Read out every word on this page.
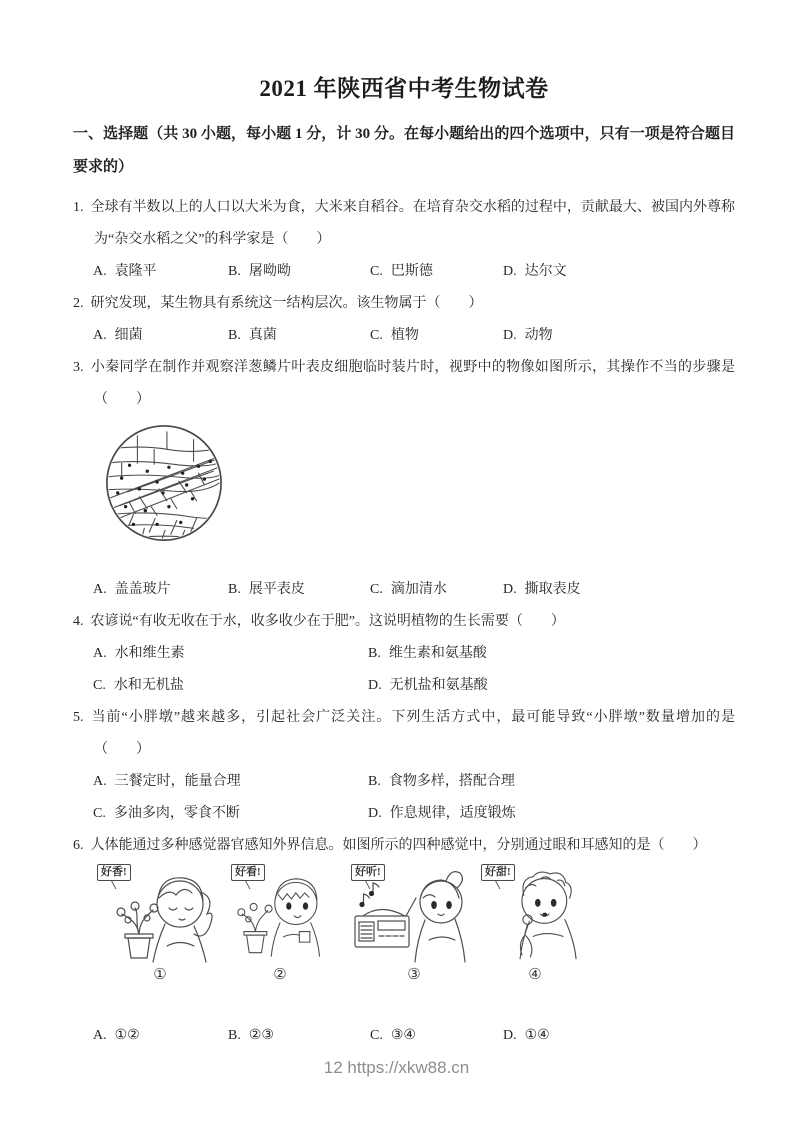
2021 年陕西省中考生物试卷
一、选择题（共 30 小题，每小题 1 分，计 30 分。在每小题给出的四个选项中，只有一项是符合题目要求的）
1. 全球有半数以上的人口以大米为食，大米来自稻谷。在培育杂交水稻的过程中，贡献最大、被国内外尊称为“杂交水稻之父”的科学家是（　　）
A. 袁隆平	B. 屠呦呦	C. 巴斯德	D. 达尔文
2. 研究发现，某生物具有系统这一结构层次。该生物属于（　　）
A. 细菌	B. 真菌	C. 植物	D. 动物
3. 小秦同学在制作并观察洋葱鳞片叶表皮细胞临时装片时，视野中的物像如图所示，其操作不当的步骤是（　　）
A. 盖盖玻片	B. 展平表皮	C. 滴加清水	D. 撕取表皮
4. 农谚说“有收无收在于水，收多收少在于肥”。这说明植物的生长需要（　　）
A. 水和维生素	B. 维生素和氨基酸
C. 水和无机盐	D. 无机盐和氨基酸
5. 当前“小胖墩”越来越多，引起社会广泛关注。下列生活方式中，最可能导致“小胖墩”数量增加的是（　　）
A. 三餐定时，能量合理	B. 食物多样，搭配合理
C. 多油多肉，零食不断	D. 作息规律，适度锻炼
6. 人体能通过多种感觉器官感知外界信息。如图所示的四种感觉中，分别通过眼和耳感知的是（　　）
好香!
①
好看!
②
好听!
③
好甜!
④
A. ①②	B. ②③	C. ③④	D. ①④
12 https://xkw88.cn
